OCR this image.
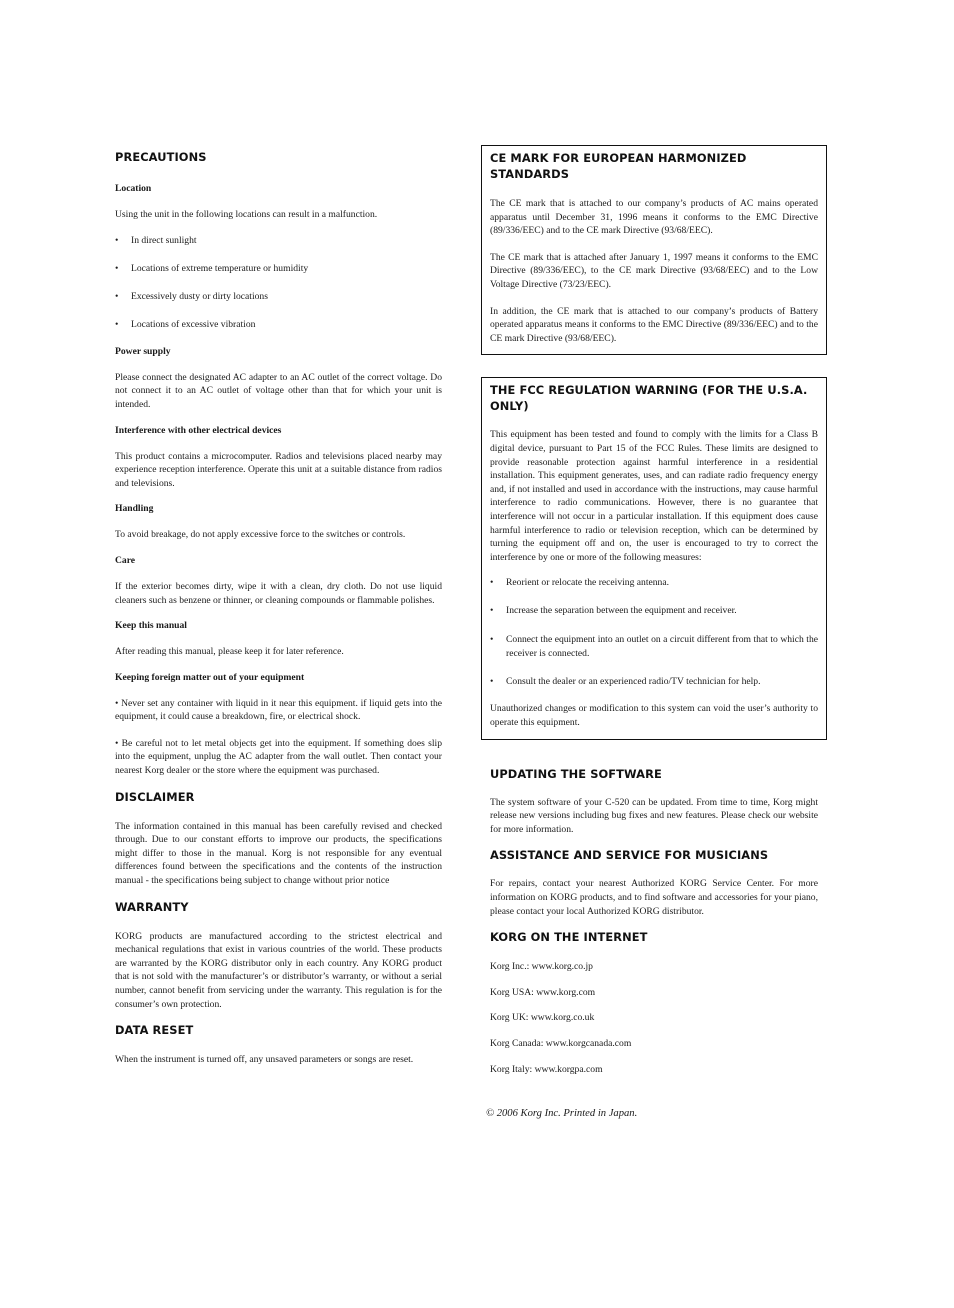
PRECAUTIONS
Location

Using the unit in the following locations can result in a malfunction.

• In direct sunlight
• Locations of extreme temperature or humidity
• Excessively dusty or dirty locations
• Locations of excessive vibration
Power supply

Please connect the designated AC adapter to an AC outlet of the correct voltage. Do not connect it to an AC outlet of voltage other than that for which your unit is intended.

Interference with other electrical devices

This product contains a microcomputer. Radios and televisions placed nearby may experience reception interference. Operate this unit at a suitable distance from radios and televisions.

Handling

To avoid breakage, do not apply excessive force to the switches or controls.

Care

If the exterior becomes dirty, wipe it with a clean, dry cloth. Do not use liquid cleaners such as benzene or thinner, or cleaning compounds or flammable polishes.

Keep this manual

After reading this manual, please keep it for later reference.

Keeping foreign matter out of your equipment

• Never set any container with liquid in it near this equipment. if liquid gets into the equipment, it could cause a breakdown, fire, or electrical shock.

• Be careful not to let metal objects get into the equipment. If something does slip into the equipment, unplug the AC adapter from the wall outlet. Then contact your nearest Korg dealer or the store where the equipment was purchased.

DISCLAIMER

The information contained in this manual has been carefully revised and checked through. Due to our constant efforts to improve our products, the specifications might differ to those in the manual. Korg is not responsible for any eventual differences found between the specifications and the contents of the instruction manual - the specifications being subject to change without prior notice

WARRANTY

KORG products are manufactured according to the strictest electrical and mechanical regulations that exist in various countries of the world. These products are warranted by the KORG distributor only in each country. Any KORG product that is not sold with the manufacturer’s or distributor’s warranty, or without a serial number, cannot benefit from servicing under the warranty. This regulation is for the consumer’s own protection.

DATA RESET

When the instrument is turned off, any unsaved parameters or songs are reset.

CE MARK FOR EUROPEAN HARMONIZED STANDARDS

The CE mark that is attached to our company’s products of AC mains operated apparatus until December 31, 1996 means it conforms to the EMC Directive (89/336/EEC) and to the CE mark Directive (93/68/EEC).

The CE mark that is attached after January 1, 1997 means it conforms to the EMC Directive (89/336/EEC), to the CE mark Directive (93/68/EEC) and to the Low Voltage Directive (73/23/EEC).

In addition, the CE mark that is attached to our company’s products of Battery operated apparatus means it conforms to the EMC Directive (89/336/EEC) and to the CE mark Directive (93/68/EEC).

THE FCC REGULATION WARNING (FOR THE U.S.A. ONLY)

This equipment has been tested and found to comply with the limits for a Class B digital device, pursuant to Part 15 of the FCC Rules. These limits are designed to provide reasonable protection against harmful interference in a residential installation. This equipment generates, uses, and can radiate radio frequency energy and, if not installed and used in accordance with the instructions, may cause harmful interference to radio communications. However, there is no guarantee that interference will not occur in a particular installation. If this equipment does cause harmful interference to radio or television reception, which can be determined by turning the equipment off and on, the user is encouraged to try to correct the interference by one or more of the following measures:

• Reorient or relocate the receiving antenna.
• Increase the separation between the equipment and receiver.
• Connect the equipment into an outlet on a circuit different from that to which the receiver is connected.
• Consult the dealer or an experienced radio/TV technician for help.

Unauthorized changes or modification to this system can void the user’s authority to operate this equipment.

UPDATING THE SOFTWARE

The system software of your C-520 can be updated. From time to time, Korg might release new versions including bug fixes and new features. Please check our website for more information.

ASSISTANCE AND SERVICE FOR MUSICIANS

For repairs, contact your nearest Authorized KORG Service Center. For more information on KORG products, and to find software and accessories for your piano, please contact your local Authorized KORG distributor.

KORG ON THE INTERNET

Korg Inc.: www.korg.co.jp

Korg USA: www.korg.com

Korg UK: www.korg.co.uk

Korg Canada: www.korgcanada.com

Korg Italy: www.korgpa.com

© 2006 Korg Inc. Printed in Japan.
